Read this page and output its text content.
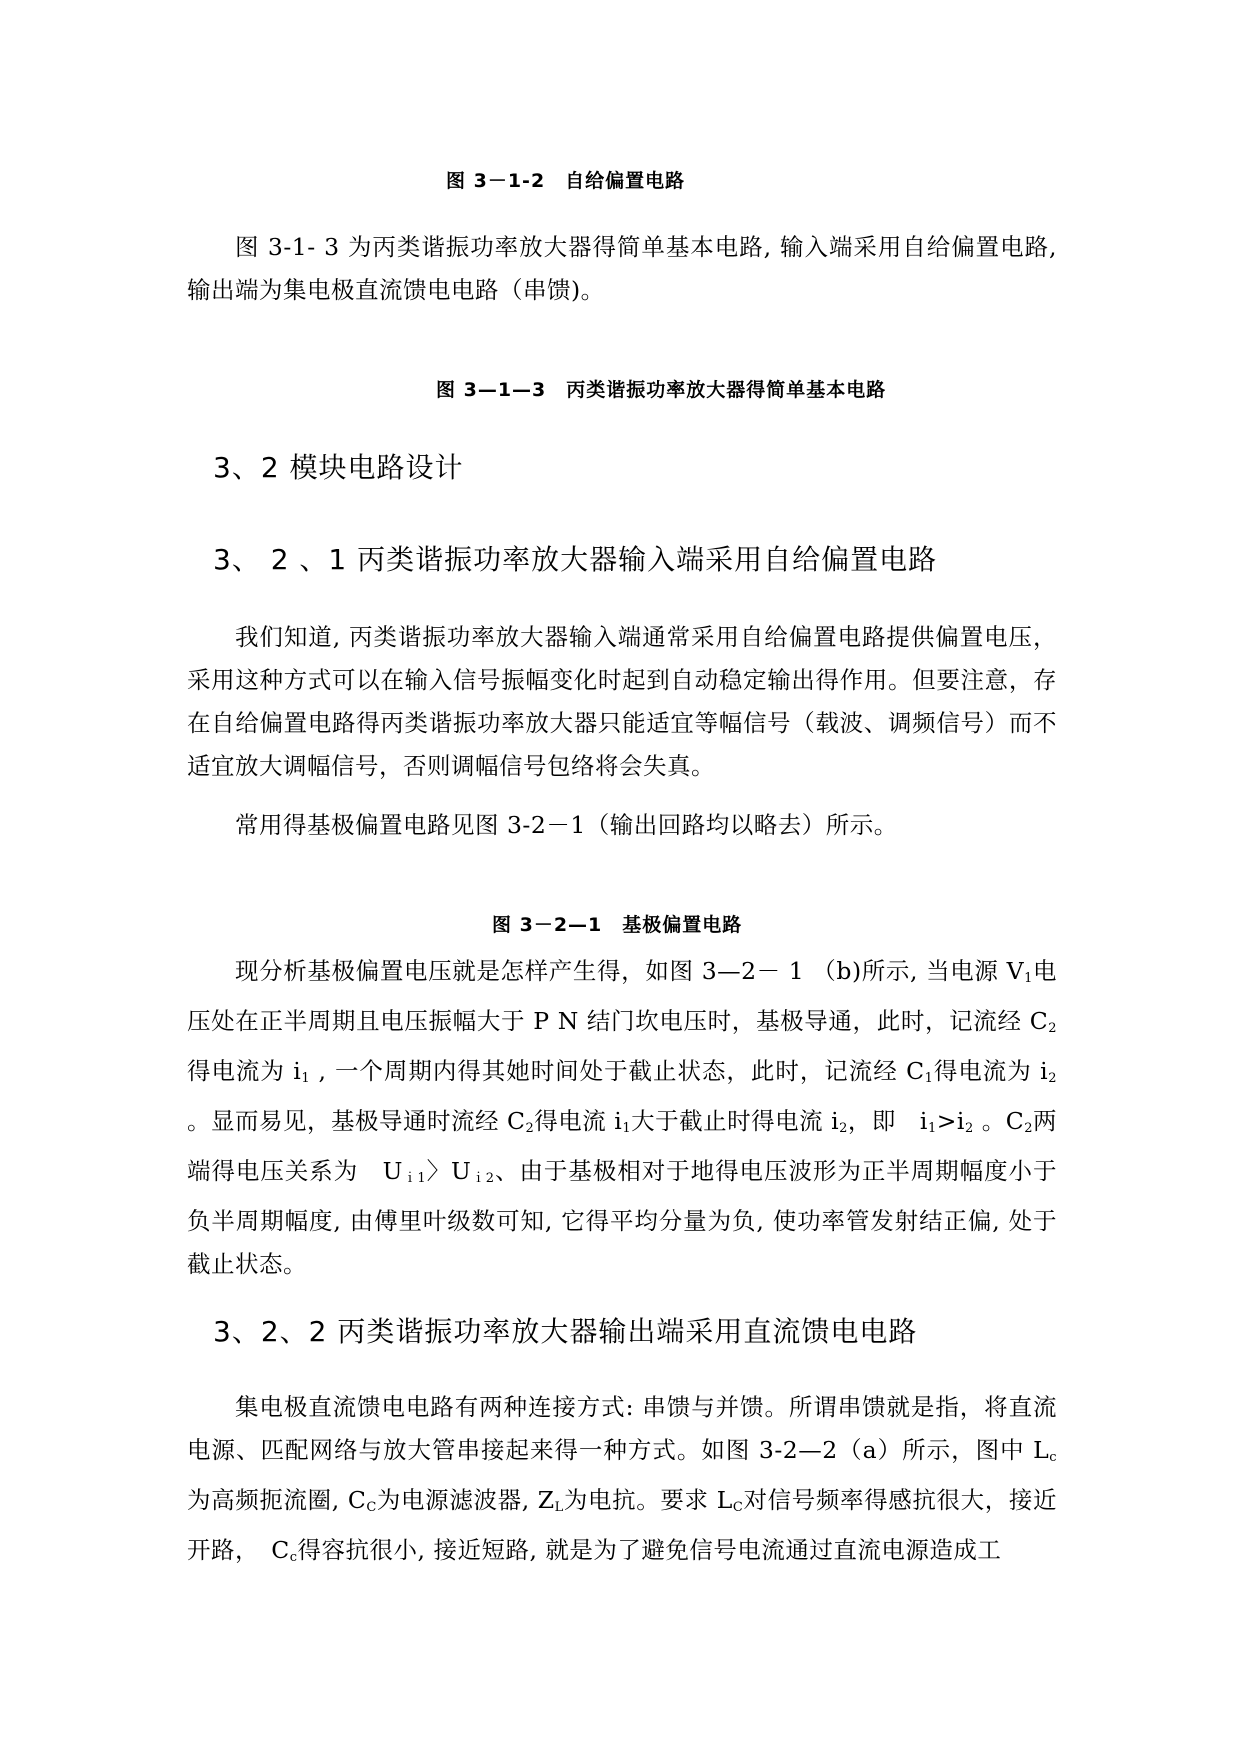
图 3－1-2　自给偏置电路

图 3-1- 3 为丙类谐振功率放大器得简单基本电路, 输入端采用自给偏置电路, 输出端为集电极直流馈电电路（串馈)。

图 3—1—3　丙类谐振功率放大器得简单基本电路
3、2 模块电路设计
3、 2 、1 丙类谐振功率放大器输入端采用自给偏置电路

我们知道, 丙类谐振功率放大器输入端通常采用自给偏置电路提供偏置电压，采用这种方式可以在输入信号振幅变化时起到自动稳定输出得作用。但要注意，存在自给偏置电路得丙类谐振功率放大器只能适宜等幅信号（载波、调频信号）而不适宜放大调幅信号，否则调幅信号包络将会失真。

常用得基极偏置电路见图 3-2－1（输出回路均以略去）所示。

图 3－2—1　基极偏置电路

现分析基极偏置电压就是怎样产生得，如图 3—2－ 1 （b)所示, 当电源 $V_1$电压处在正半周期且电压振幅大于 P N 结门坎电压时，基极导通，此时，记流经 $C_2$得电流为 $i_1$ , 一个周期内得其她时间处于截止状态，此时，记流经 $C_1$得电流为 $i_2$ 。显而易见，基极导通时流经 $C_2$得电流 $i_1$大于截止时得电流 $i_2$，即　$i_1>i_2$ 。$C_2$两端得电压关系为　$U_{i1}$〉$U_{i2}$、由于基极相对于地得电压波形为正半周期幅度小于负半周期幅度, 由傅里叶级数可知, 它得平均分量为负, 使功率管发射结正偏, 处于截止状态。

3、2、2 丙类谐振功率放大器输出端采用直流馈电电路

集电极直流馈电电路有两种连接方式: 串馈与并馈。所谓串馈就是指，将直流电源、匹配网络与放大管串接起来得一种方式。如图 3-2—2（a）所示，图中 $L_c$为高频扼流圈, $C_C$为电源滤波器, $Z_L$为电抗。要求 $L_C$对信号频率得感抗很大，接近开路，　$C_c$得容抗很小, 接近短路, 就是为了避免信号电流通过直流电源造成工
